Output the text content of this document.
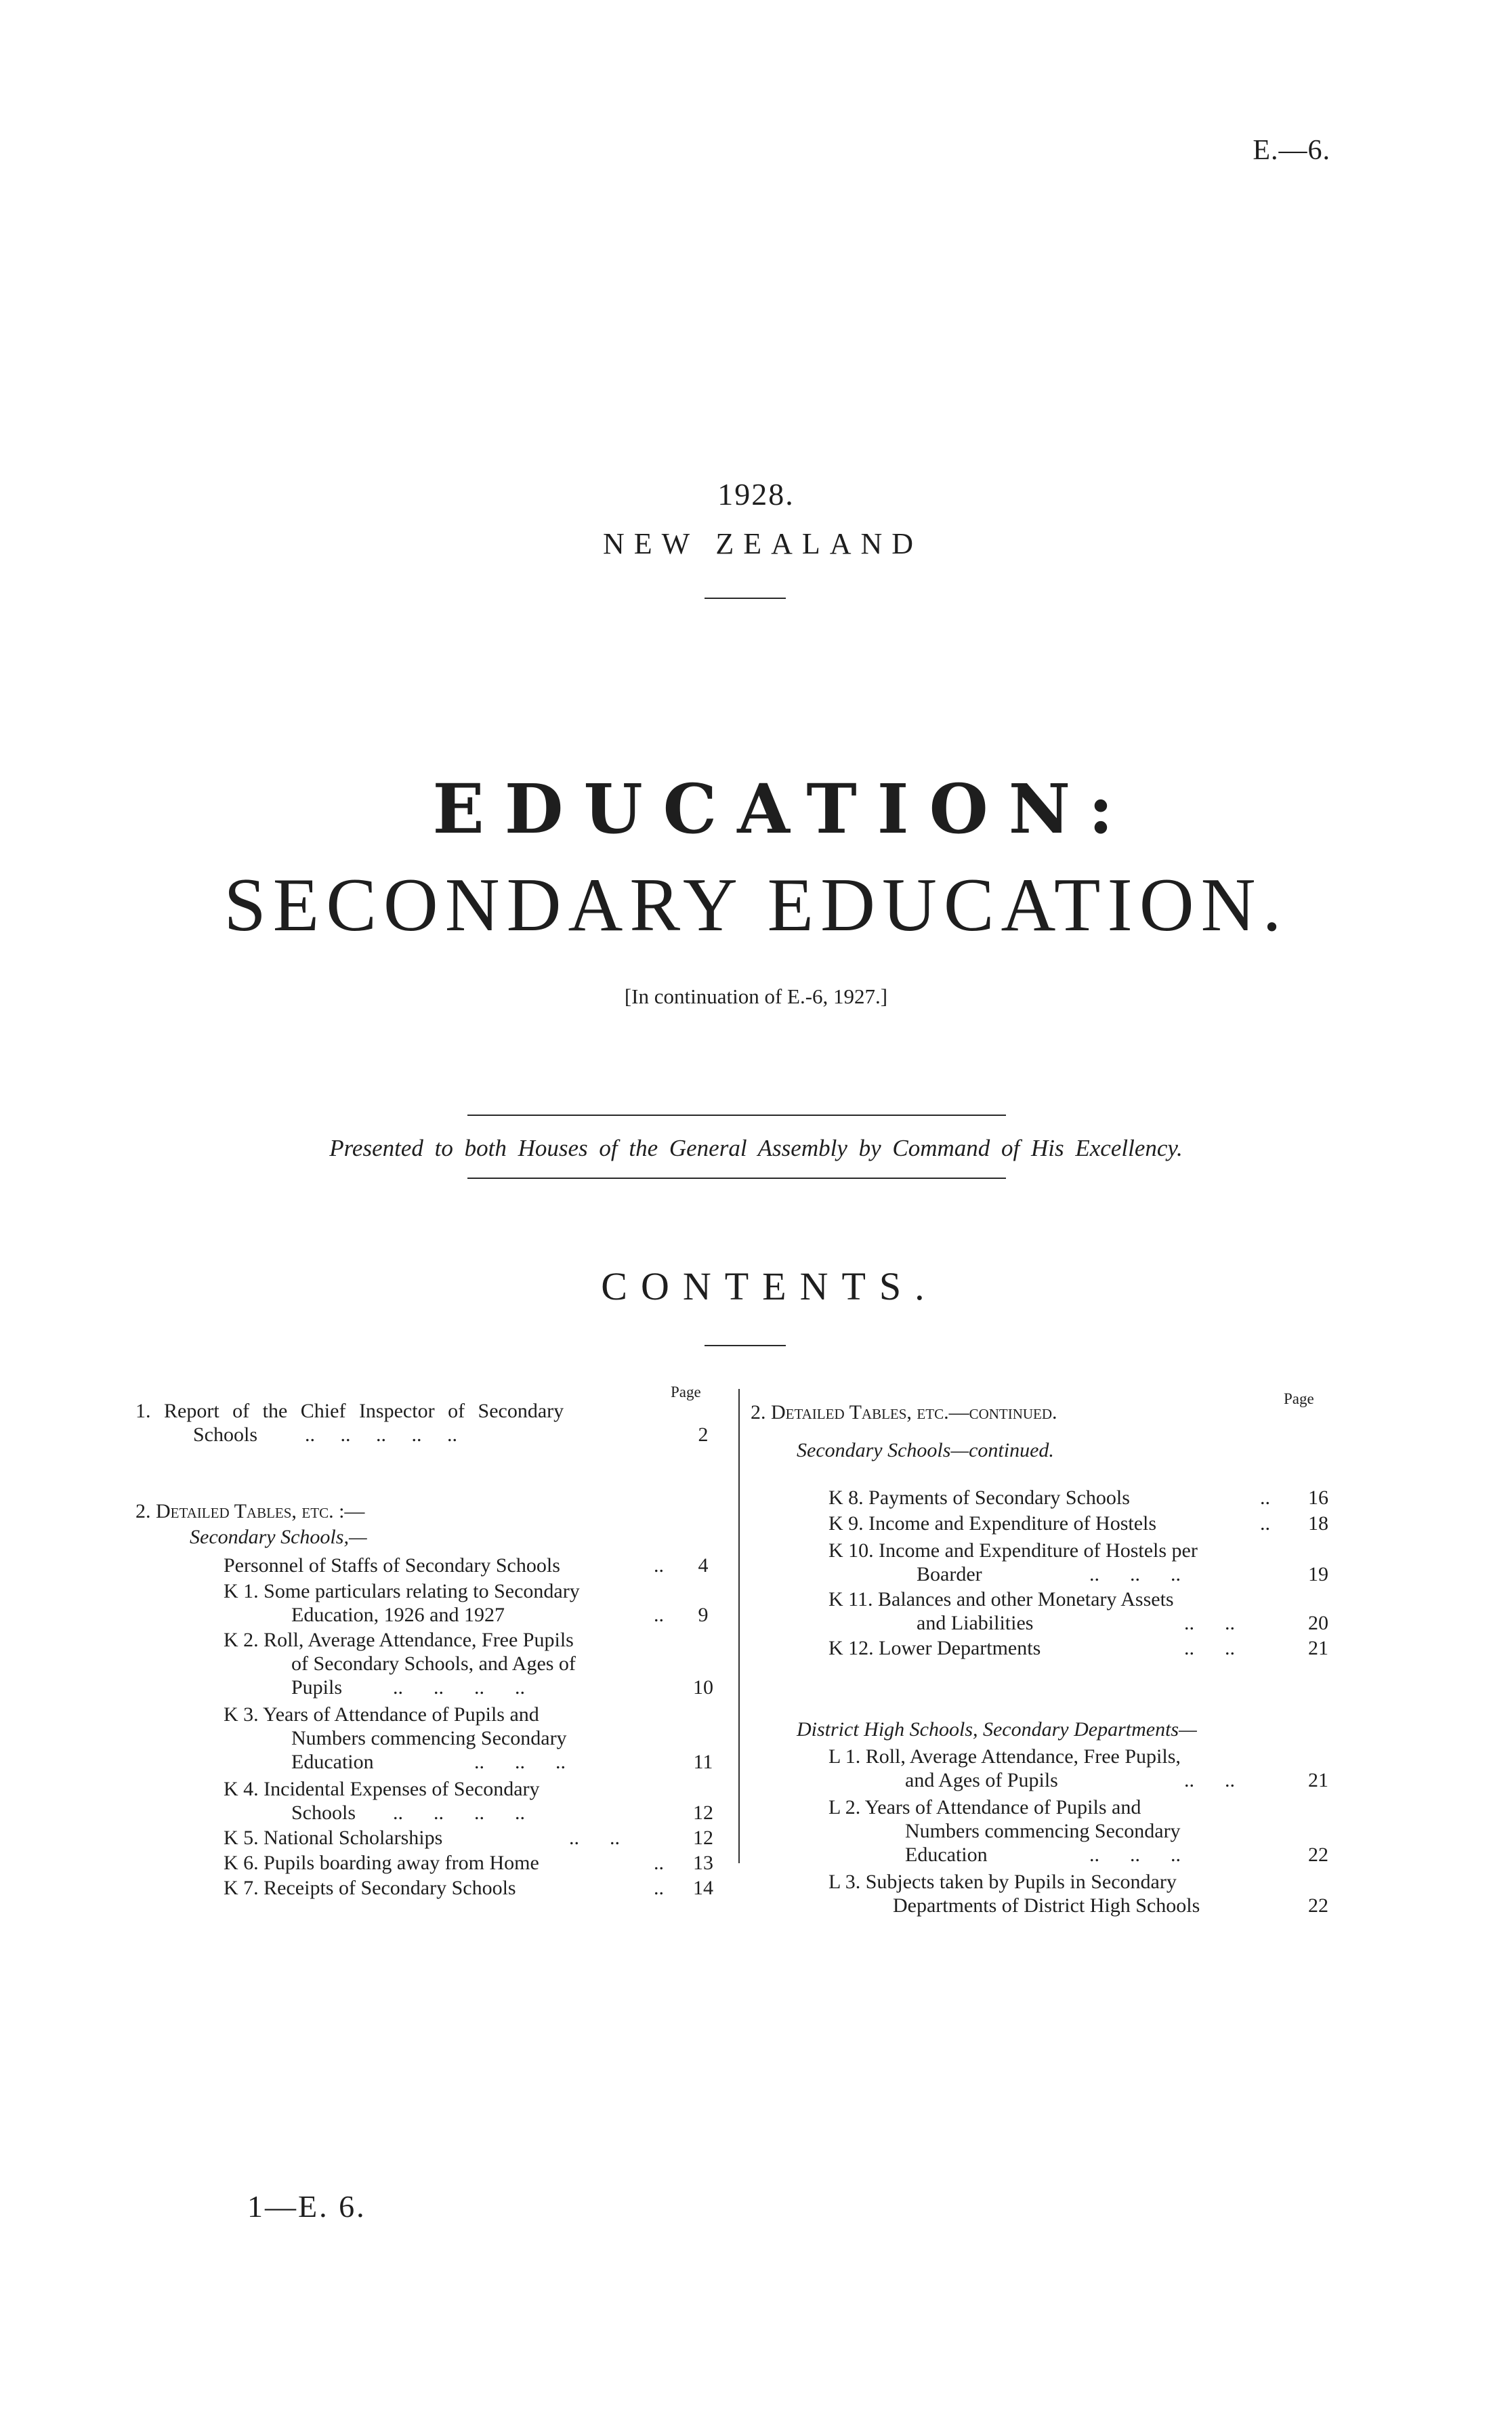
E.—6.
1928.
NEW ZEALAND
EDUCATION:
SECONDARY EDUCATION.
[In continuation of E.-6, 1927.]
Presented to both Houses of the General Assembly by Command of His Excellency.
CONTENTS.
Page
1. Report of the Chief Inspector of Secondary
Schools ..     ..     ..     ..     ..	2
2. Detailed Tables, etc. :—
Secondary Schools,—
Personnel of Staffs of Secondary Schools	..	4
K 1. Some particulars relating to Secondary
Education, 1926 and 1927	..	9
K 2. Roll, Average Attendance, Free Pupils
of Secondary Schools, and Ages of
Pupils ..      ..      ..      ..	10
K 3. Years of Attendance of Pupils and
Numbers commencing Secondary
Education	..      ..      ..	11
K 4. Incidental Expenses of Secondary
Schools ..      ..      ..      ..	12
K 5. National Scholarships	..      ..	12
K 6. Pupils boarding away from Home	.. 13
K 7. Receipts of Secondary Schools	.. 14
Page
2. Detailed Tables, etc.—continued.
Secondary Schools—continued.
K 8. Payments of Secondary Schools	.. 16
K 9. Income and Expenditure of Hostels	.. 18
K 10. Income and Expenditure of Hostels per
Boarder	..      ..      ..	19
K 11. Balances and other Monetary Assets
and Liabilities	..      ..	20
K 12. Lower Departments	..      ..	21
District High Schools, Secondary Departments—
L 1. Roll, Average Attendance, Free Pupils,
and Ages of Pupils	..      ..	21
L 2. Years of Attendance of Pupils and
Numbers commencing Secondary
Education	..      ..      ..	22
L 3. Subjects taken by Pupils in Secondary
Departments of District High Schools	22
1—E. 6.
